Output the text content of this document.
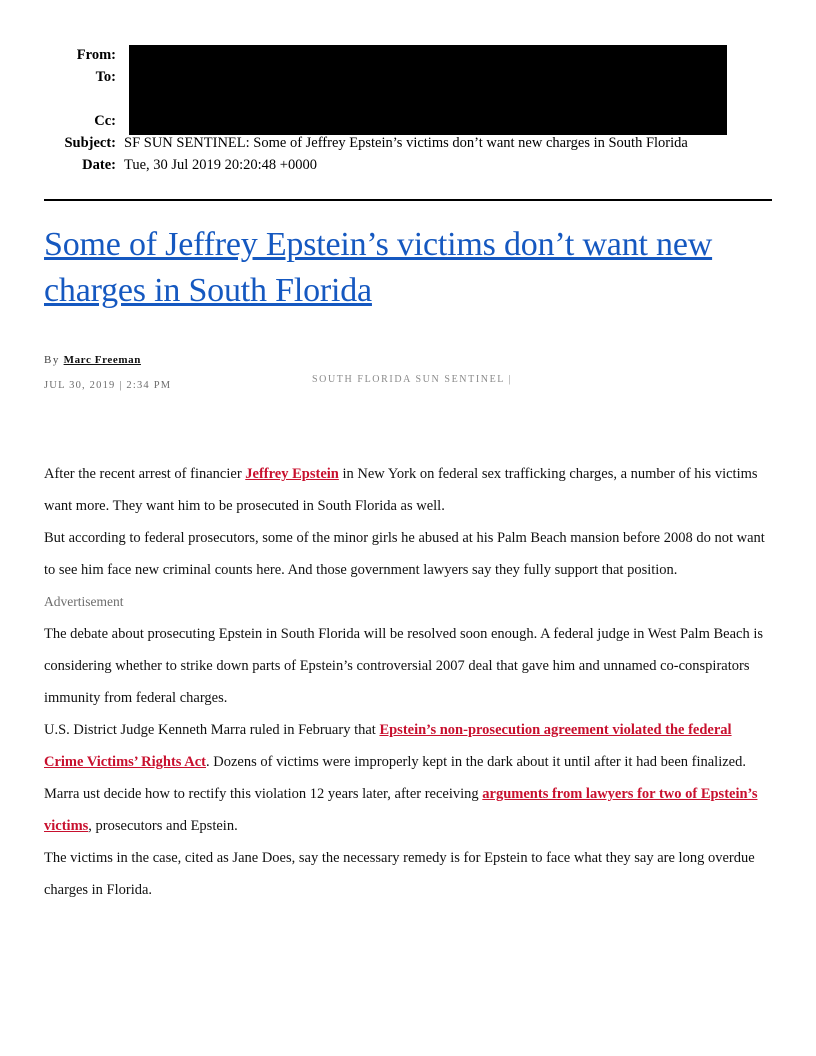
From:
To:
Cc:
Subject: SF SUN SENTINEL: Some of Jeffrey Epstein’s victims don’t want new charges in South Florida
Date: Tue, 30 Jul 2019 20:20:48 +0000
Some of Jeffrey Epstein’s victims don’t want new charges in South Florida
By Marc Freeman
JUL 30, 2019 | 2:34 PM
SOUTH FLORIDA SUN SENTINEL |

After the recent arrest of financier Jeffrey Epstein in New York on federal sex trafficking charges, a number of his victims want more. They want him to be prosecuted in South Florida as well.

But according to federal prosecutors, some of the minor girls he abused at his Palm Beach mansion before 2008 do not want to see him face new criminal counts here. And those government lawyers say they fully support that position.

Advertisement

The debate about prosecuting Epstein in South Florida will be resolved soon enough. A federal judge in West Palm Beach is considering whether to strike down parts of Epstein’s controversial 2007 deal that gave him and unnamed co-conspirators immunity from federal charges.

U.S. District Judge Kenneth Marra ruled in February that Epstein’s non-prosecution agreement violated the federal Crime Victims’ Rights Act. Dozens of victims were improperly kept in the dark about it until after it had been finalized.

Marra ust decide how to rectify this violation 12 years later, after receiving arguments from lawyers for two of Epstein’s victims, prosecutors and Epstein.

The victims in the case, cited as Jane Does, say the necessary remedy is for Epstein to face what they say are long overdue charges in Florida.
